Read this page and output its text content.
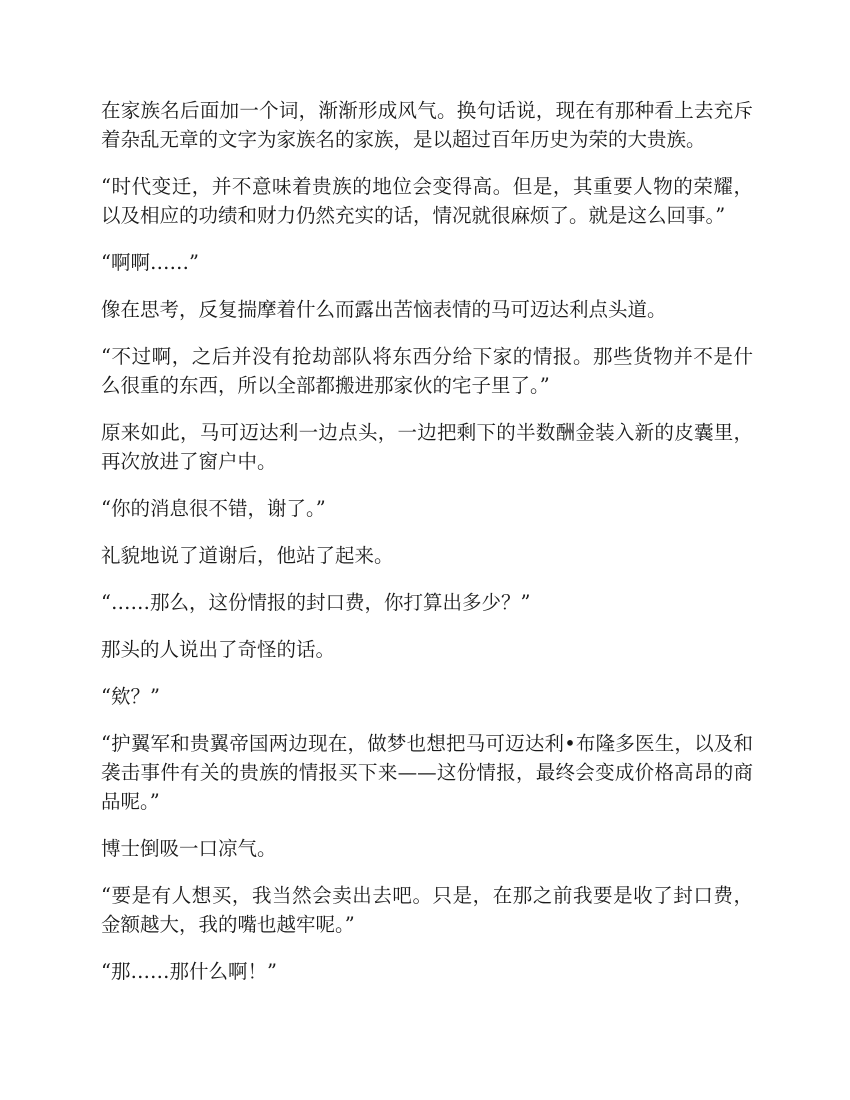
在家族名后面加一个词，渐渐形成风气。换句话说，现在有那种看上去充斥着杂乱无章的文字为家族名的家族，是以超过百年历史为荣的大贵族。

“时代变迁，并不意味着贵族的地位会变得高。但是，其重要人物的荣耀，以及相应的功绩和财力仍然充实的话，情况就很麻烦了。就是这么回事。”

“啊啊……”

像在思考，反复揣摩着什么而露出苦恼表情的马可迈达利点头道。

“不过啊，之后并没有抢劫部队将东西分给下家的情报。那些货物并不是什么很重的东西，所以全部都搬进那家伙的宅子里了。”

原来如此，马可迈达利一边点头，一边把剩下的半数酬金装入新的皮囊里，再次放进了窗户中。

“你的消息很不错，谢了。”

礼貌地说了道谢后，他站了起来。

“……那么，这份情报的封口费，你打算出多少？”

那头的人说出了奇怪的话。

“欸？”

“护翼军和贵翼帝国两边现在，做梦也想把马可迈达利•布隆多医生，以及和袭击事件有关的贵族的情报买下来——这份情报，最终会变成价格高昂的商品呢。”

博士倒吸一口凉气。

“要是有人想买，我当然会卖出去吧。只是，在那之前我要是收了封口费，金额越大，我的嘴也越牢呢。”

“那……那什么啊！”
